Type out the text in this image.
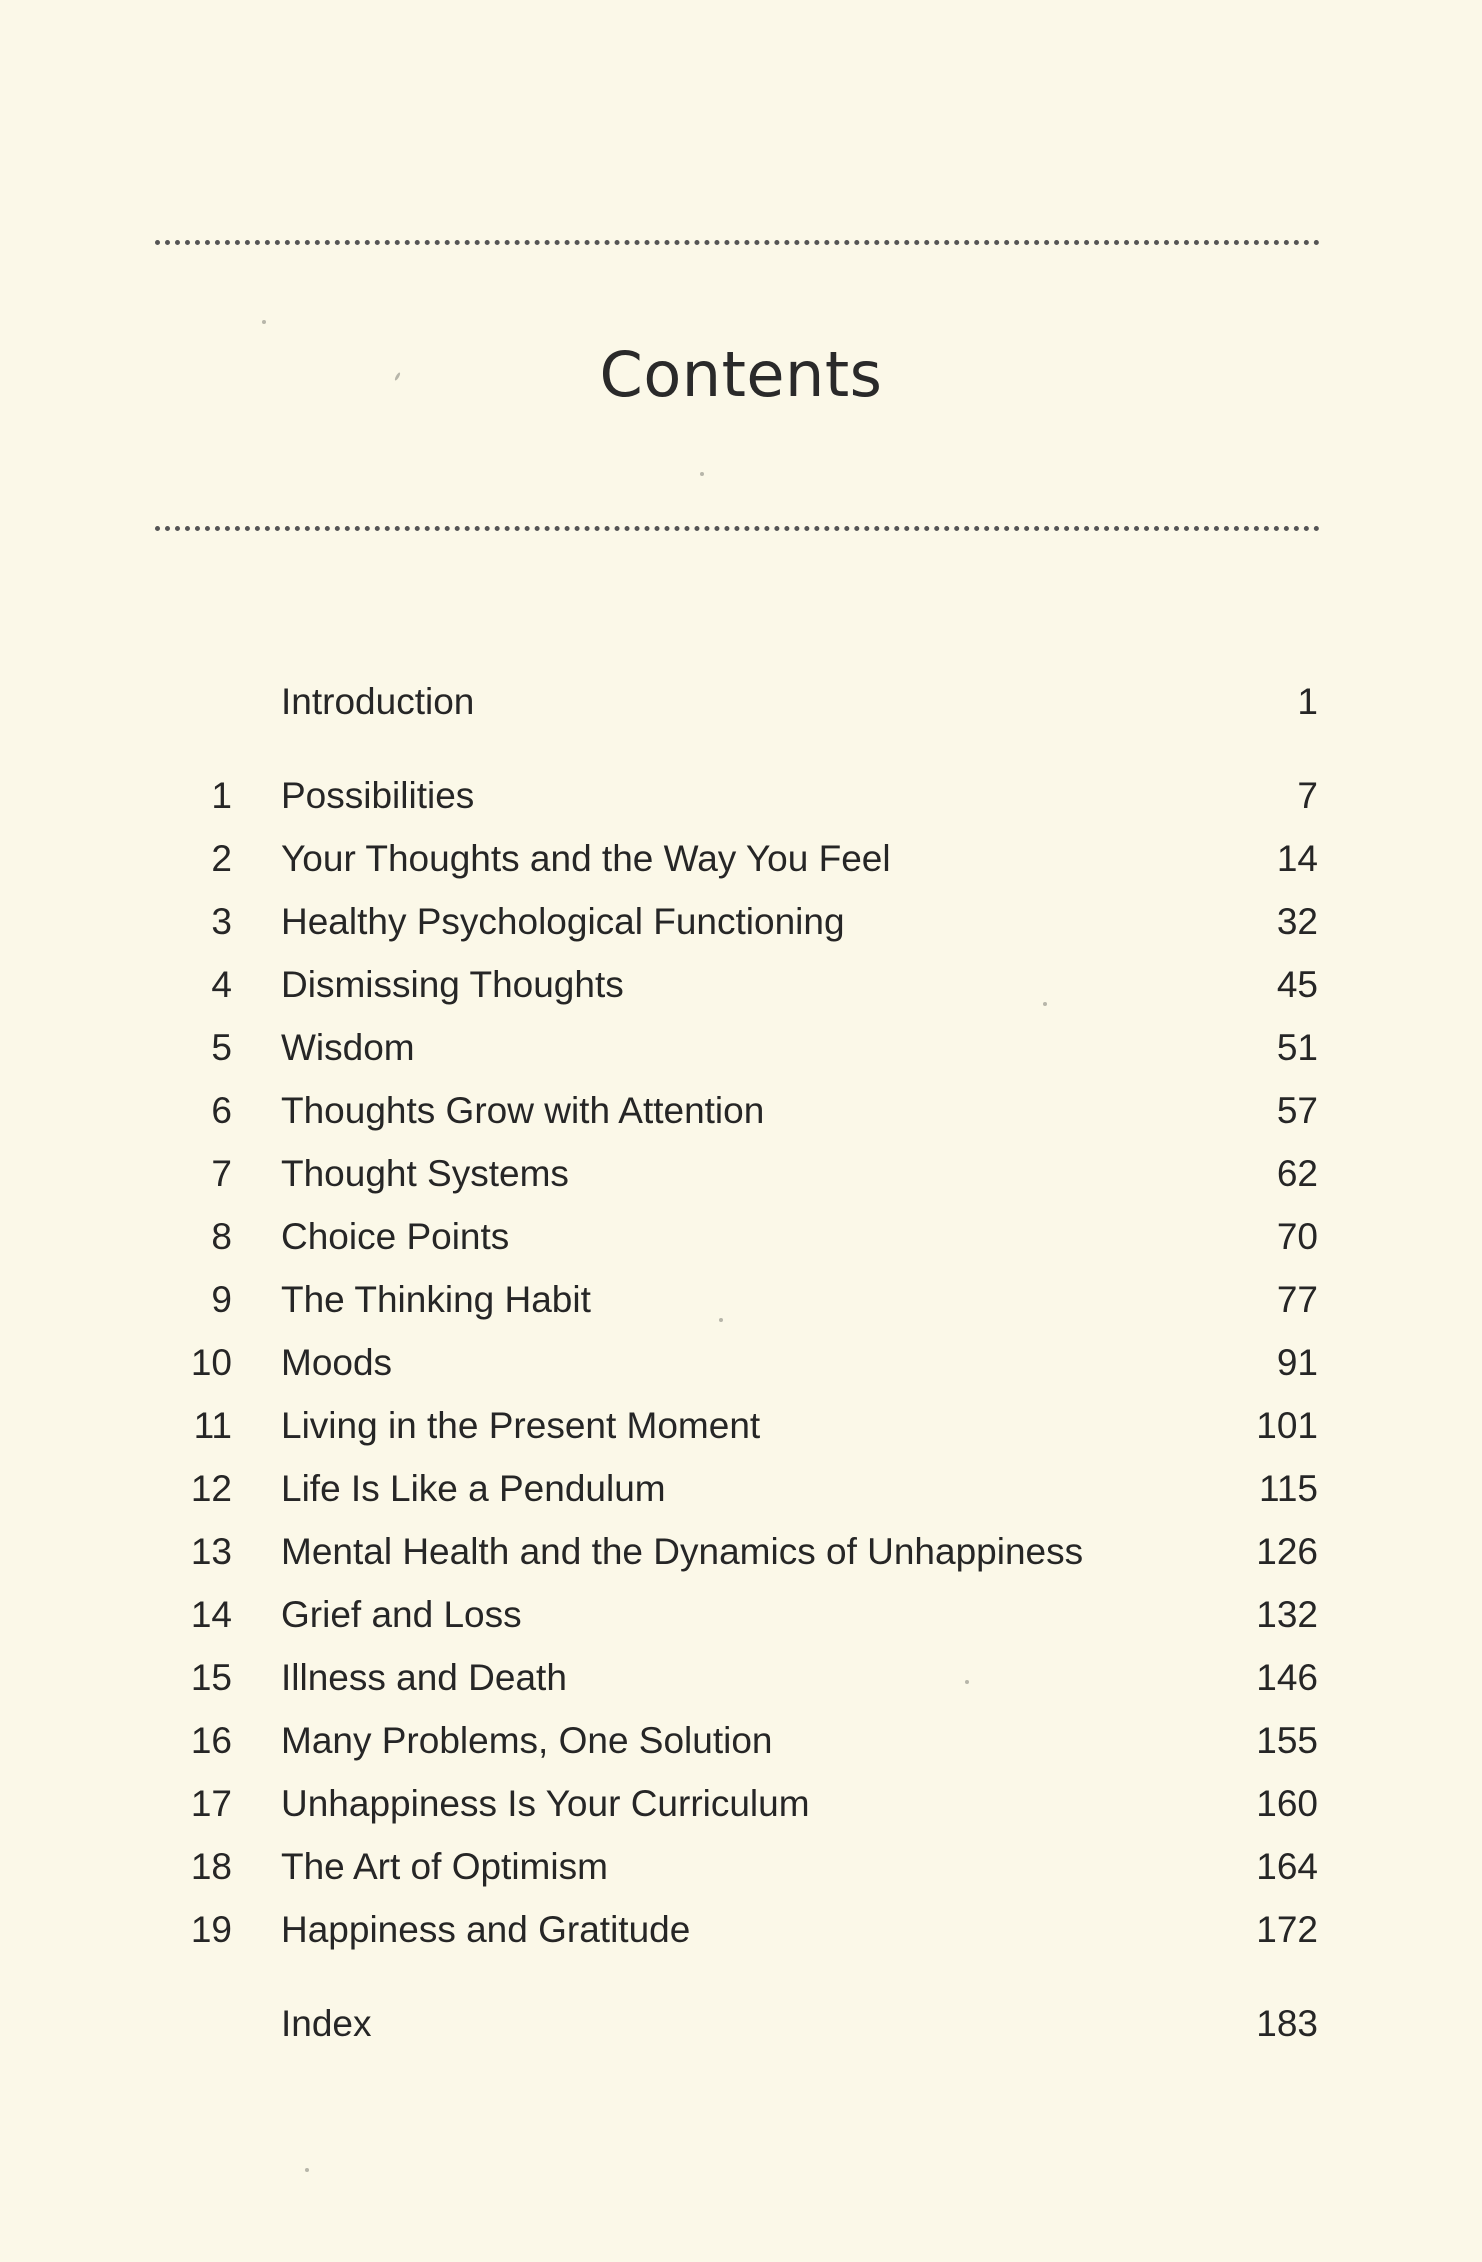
Contents
Introduction	1
1 Possibilities	7
2 Your Thoughts and the Way You Feel	14
3 Healthy Psychological Functioning	32
4 Dismissing Thoughts	45
5 Wisdom	51
6 Thoughts Grow with Attention	57
7 Thought Systems	62
8 Choice Points	70
9 The Thinking Habit	77
10 Moods	91
11 Living in the Present Moment	101
12 Life Is Like a Pendulum	115
13 Mental Health and the Dynamics of Unhappiness	126
14 Grief and Loss	132
15 Illness and Death	146
16 Many Problems, One Solution	155
17 Unhappiness Is Your Curriculum	160
18 The Art of Optimism	164
19 Happiness and Gratitude	172
Index	183
